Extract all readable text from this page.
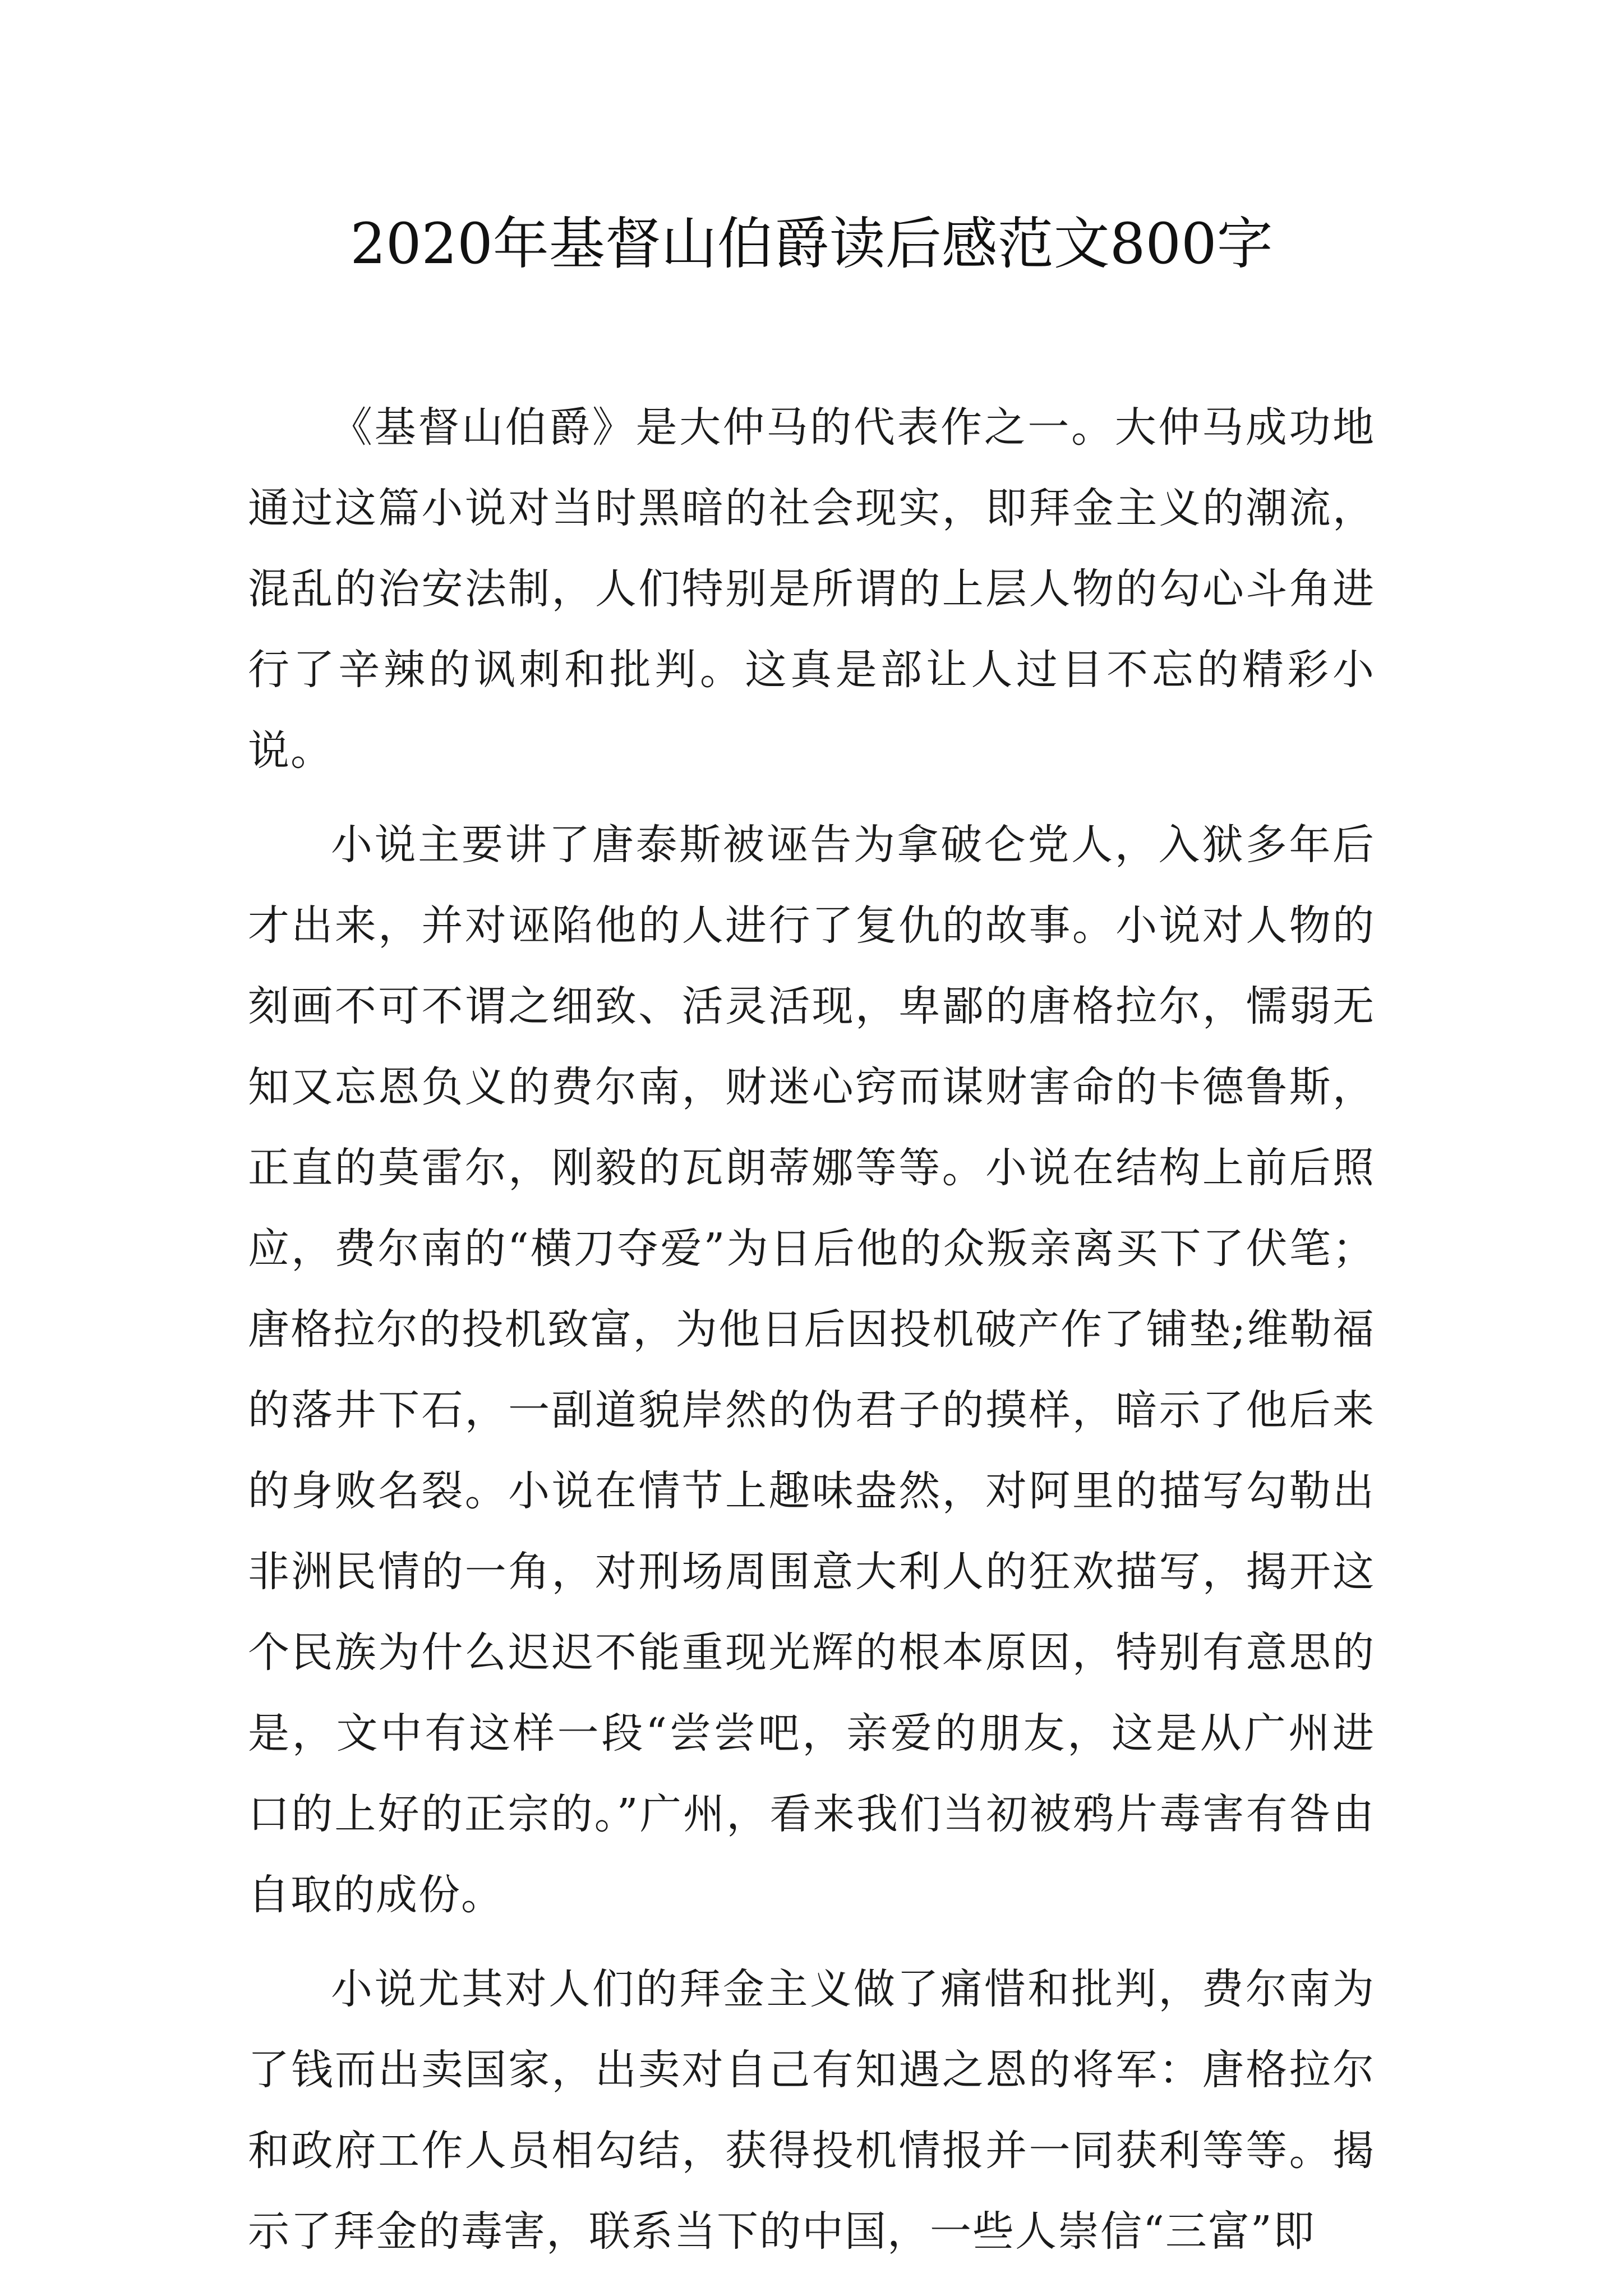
2020年基督山伯爵读后感范文800字

《基督山伯爵》是大仲马的代表作之一。大仲马成功地通过这篇小说对当时黑暗的社会现实，即拜金主义的潮流，混乱的治安法制，人们特别是所谓的上层人物的勾心斗角进行了辛辣的讽刺和批判。这真是部让人过目不忘的精彩小说。

小说主要讲了唐泰斯被诬告为拿破仑党人，入狱多年后才出来，并对诬陷他的人进行了复仇的故事。小说对人物的刻画不可不谓之细致、活灵活现，卑鄙的唐格拉尔，懦弱无知又忘恩负义的费尔南，财迷心窍而谋财害命的卡德鲁斯，正直的莫雷尔，刚毅的瓦朗蒂娜等等。小说在结构上前后照应，费尔南的“横刀夺爱”为日后他的众叛亲离买下了伏笔；唐格拉尔的投机致富，为他日后因投机破产作了铺垫;维勒福的落井下石，一副道貌岸然的伪君子的摸样，暗示了他后来的身败名裂。小说在情节上趣味盎然，对阿里的描写勾勒出非洲民情的一角，对刑场周围意大利人的狂欢描写，揭开这个民族为什么迟迟不能重现光辉的根本原因，特别有意思的是，文中有这样一段“尝尝吧，亲爱的朋友，这是从广州进口的上好的正宗的。”广州，看来我们当初被鸦片毒害有咎由自取的成份。

小说尤其对人们的拜金主义做了痛惜和批判，费尔南为了钱而出卖国家，出卖对自己有知遇之恩的将军：唐格拉尔和政府工作人员相勾结，获得投机情报并一同获利等等。揭示了拜金的毒害，联系当下的中国，一些人崇信“三富”即
